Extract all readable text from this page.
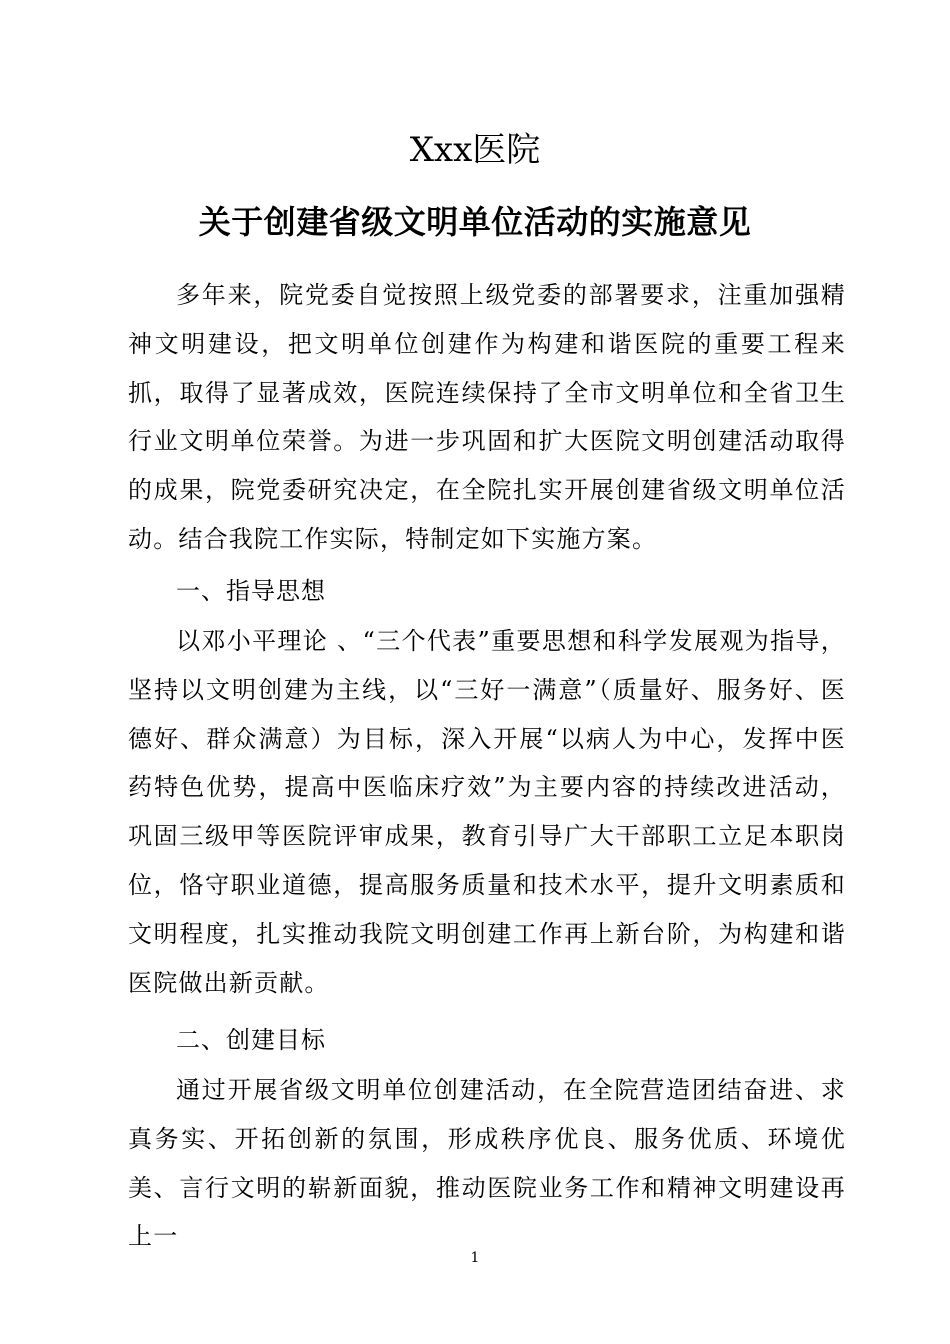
Xxx医院
关于创建省级文明单位活动的实施意见
多年来，院党委自觉按照上级党委的部署要求，注重加强精神文明建设，把文明单位创建作为构建和谐医院的重要工程来抓，取得了显著成效，医院连续保持了全市文明单位和全省卫生行业文明单位荣誉。为进一步巩固和扩大医院文明创建活动取得的成果，院党委研究决定，在全院扎实开展创建省级文明单位活动。结合我院工作实际，特制定如下实施方案。
一、指导思想
以邓小平理论 、“三个代表”重要思想和科学发展观为指导，坚持以文明创建为主线，以“三好一满意”（质量好、服务好、医德好、群众满意）为目标，深入开展“以病人为中心，发挥中医药特色优势，提高中医临床疗效”为主要内容的持续改进活动，巩固三级甲等医院评审成果，教育引导广大干部职工立足本职岗位，恪守职业道德，提高服务质量和技术水平，提升文明素质和文明程度，扎实推动我院文明创建工作再上新台阶，为构建和谐医院做出新贡献。
二、创建目标
通过开展省级文明单位创建活动，在全院营造团结奋进、求真务实、开拓创新的氛围，形成秩序优良、服务优质、环境优美、言行文明的崭新面貌，推动医院业务工作和精神文明建设再上一
1
